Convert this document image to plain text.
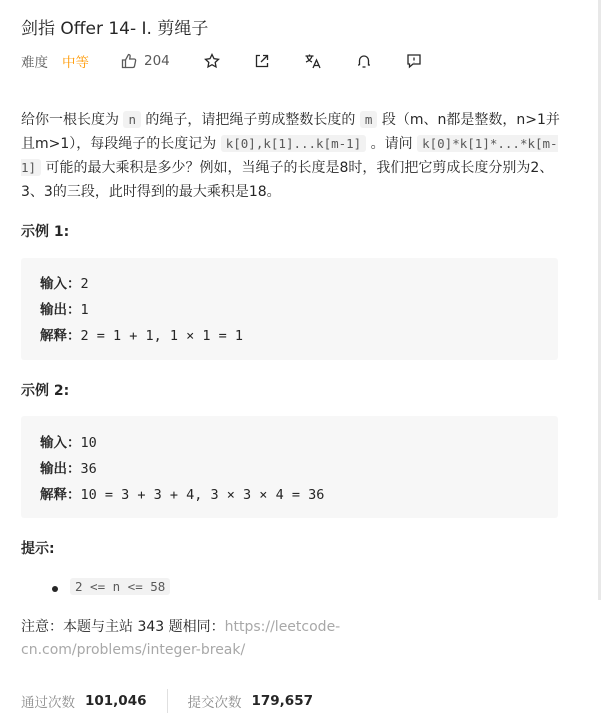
剑指 Offer 14- I. 剪绳子
难度 中等	204
给你一根长度为 n 的绳子，请把绳子剪成整数长度的 m 段（m、n都是整数，n>1并且m>1），每段绳子的长度记为 k[0],k[1]...k[m-1] 。请问 k[0]*k[1]*...*k[m-1] 可能的最大乘积是多少？例如，当绳子的长度是8时，我们把它剪成长度分别为2、3、3的三段，此时得到的最大乘积是18。
示例 1:
输入：2
输出：1
解释：2 = 1 + 1, 1 × 1 = 1
示例 2:
输入：10
输出：36
解释：10 = 3 + 3 + 4, 3 × 3 × 4 = 36
提示:
2 <= n <= 58
注意：本题与主站 343 题相同：https://leetcode-cn.com/problems/integer-break/
通过次数 101,046	提交次数 179,657
